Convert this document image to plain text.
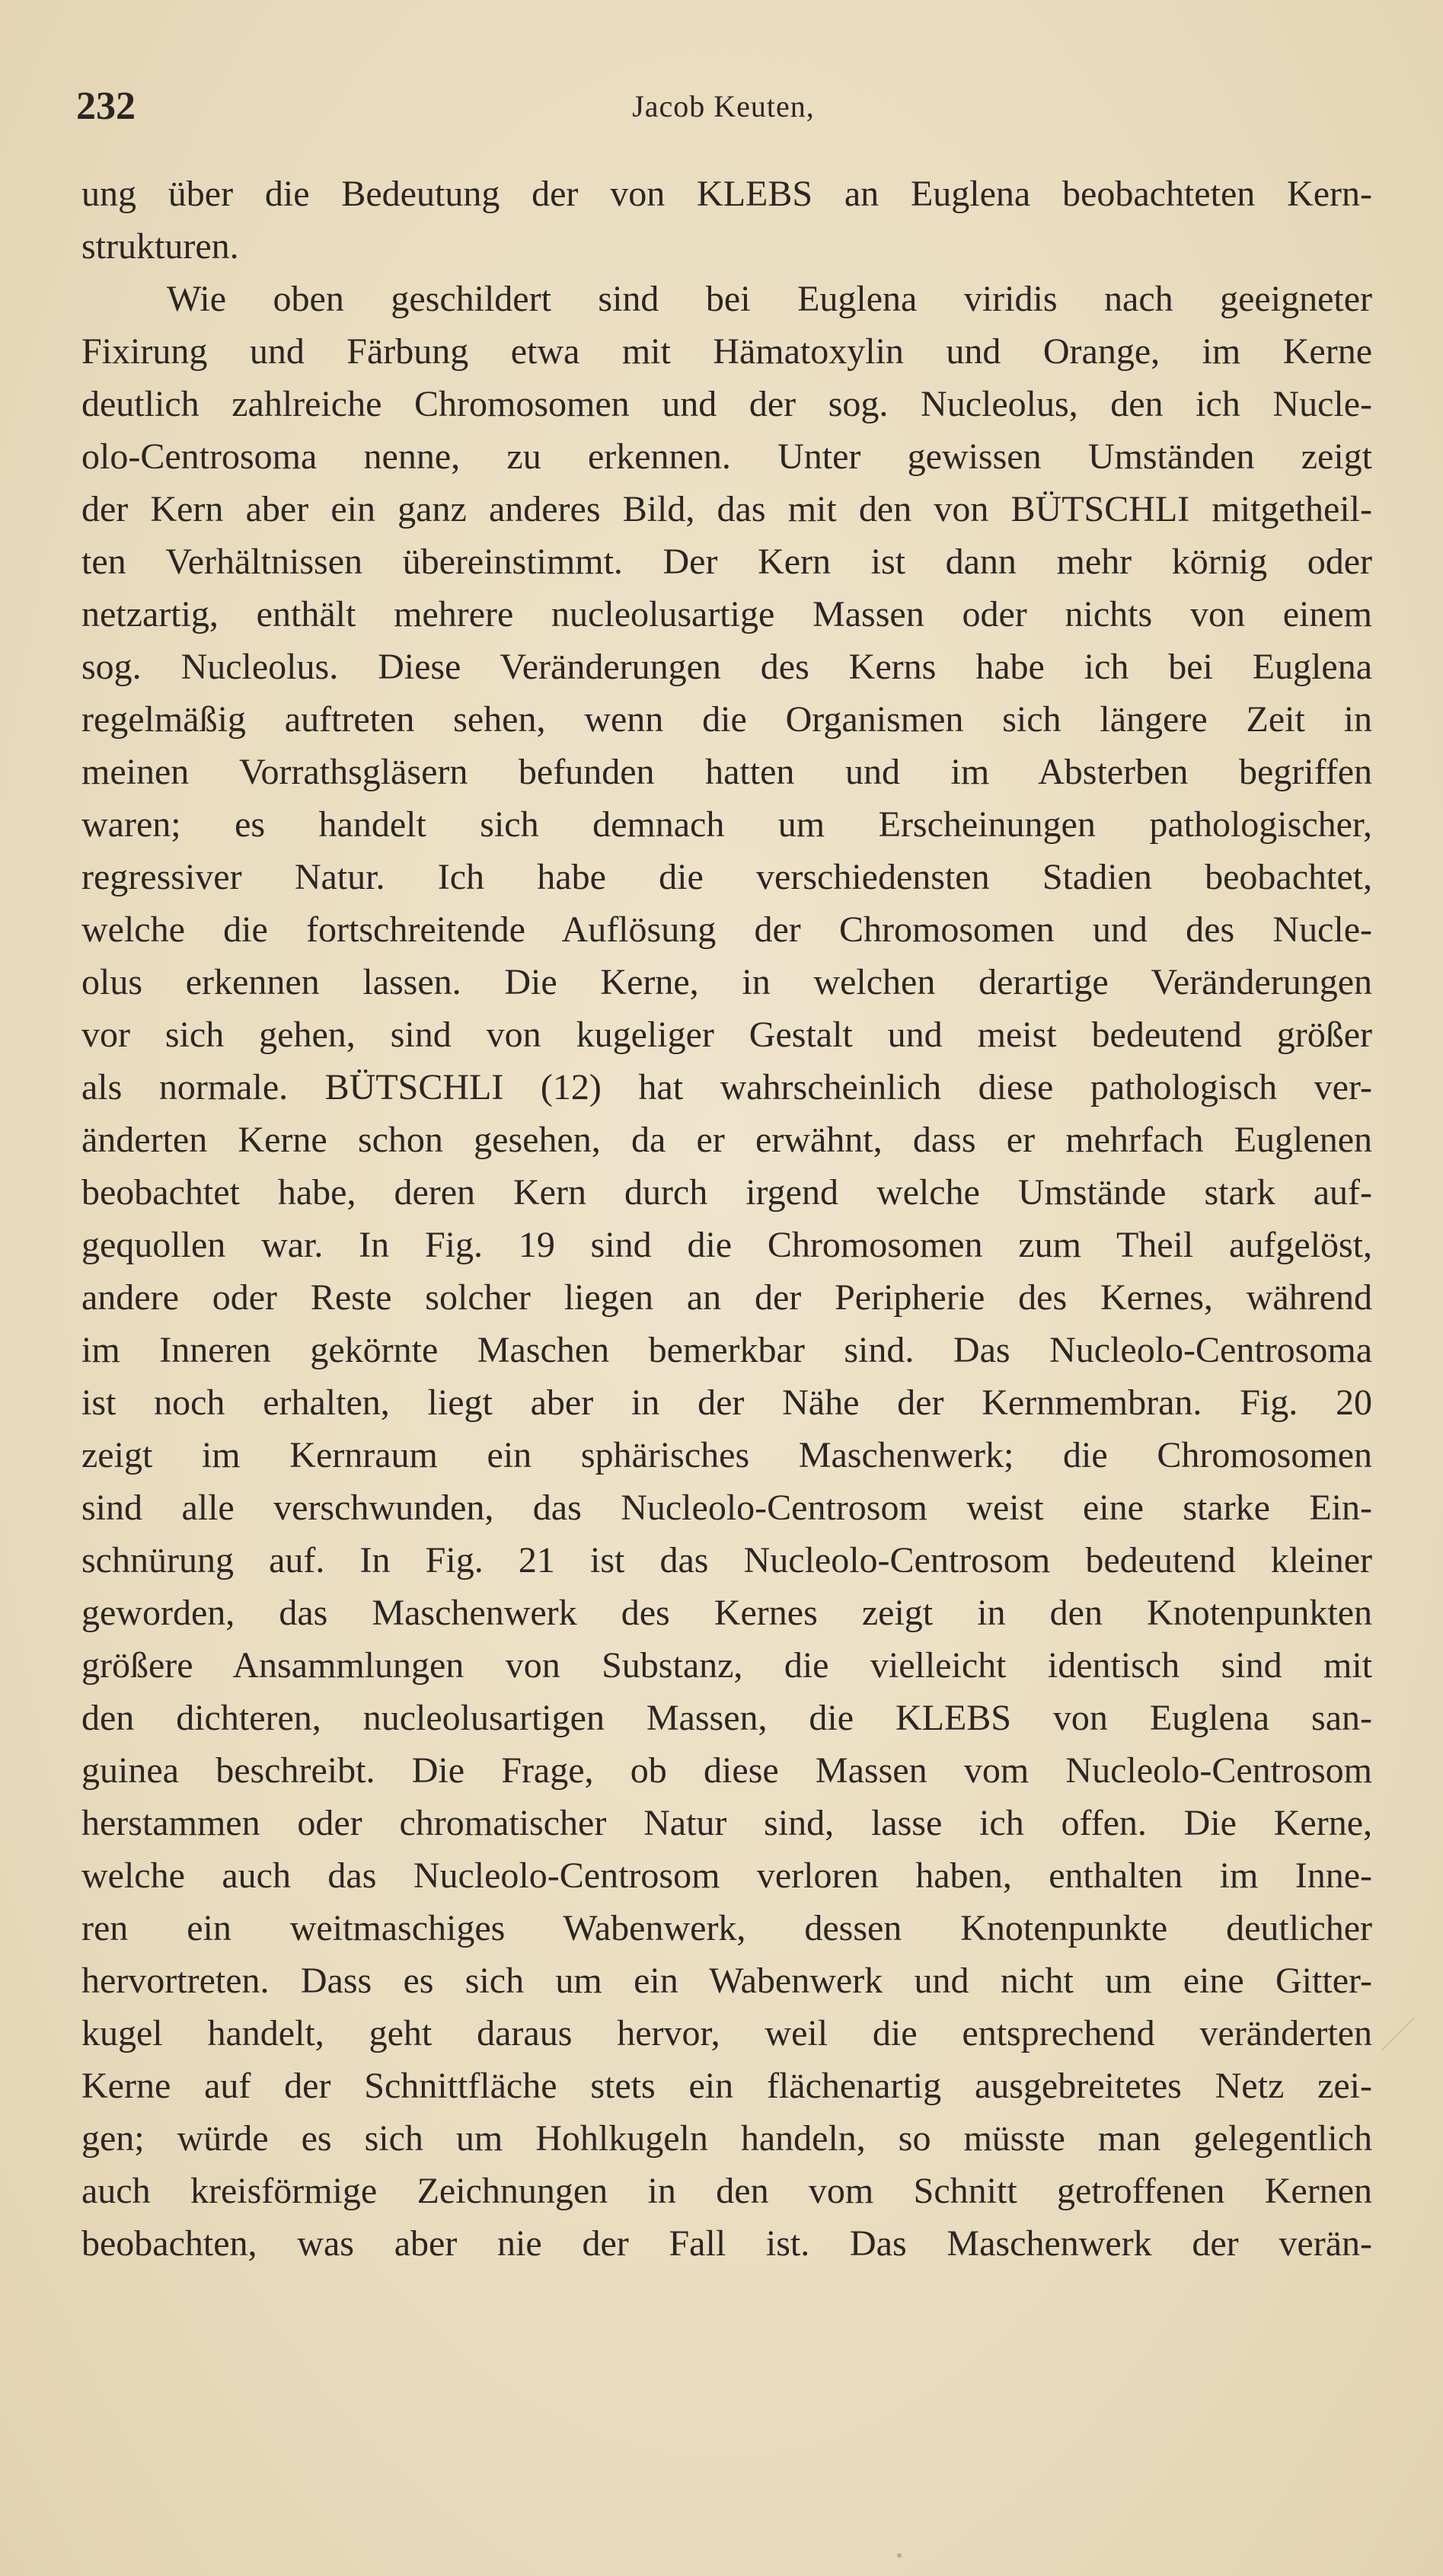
232	Jacob Keuten,
ung über die Bedeutung der von KLEBS an Euglena beobachteten Kern-
strukturen.
Wie oben geschildert sind bei Euglena viridis nach geeigneter
Fixirung und Färbung etwa mit Hämatoxylin und Orange, im Kerne
deutlich zahlreiche Chromosomen und der sog. Nucleolus, den ich Nucle-
olo-Centrosoma nenne, zu erkennen. Unter gewissen Umständen zeigt
der Kern aber ein ganz anderes Bild, das mit den von BÜTSCHLI mitgetheil-
ten Verhältnissen übereinstimmt. Der Kern ist dann mehr körnig oder
netzartig, enthält mehrere nucleolusartige Massen oder nichts von einem
sog. Nucleolus. Diese Veränderungen des Kerns habe ich bei Euglena
regelmäßig auftreten sehen, wenn die Organismen sich längere Zeit in
meinen Vorrathsgläsern befunden hatten und im Absterben begriffen
waren; es handelt sich demnach um Erscheinungen pathologischer,
regressiver Natur. Ich habe die verschiedensten Stadien beobachtet,
welche die fortschreitende Auflösung der Chromosomen und des Nucle-
olus erkennen lassen. Die Kerne, in welchen derartige Veränderungen
vor sich gehen, sind von kugeliger Gestalt und meist bedeutend größer
als normale. BÜTSCHLI (12) hat wahrscheinlich diese pathologisch ver-
änderten Kerne schon gesehen, da er erwähnt, dass er mehrfach Euglenen
beobachtet habe, deren Kern durch irgend welche Umstände stark auf-
gequollen war. In Fig. 19 sind die Chromosomen zum Theil aufgelöst,
andere oder Reste solcher liegen an der Peripherie des Kernes, während
im Inneren gekörnte Maschen bemerkbar sind. Das Nucleolo-Centrosoma
ist noch erhalten, liegt aber in der Nähe der Kernmembran. Fig. 20
zeigt im Kernraum ein sphärisches Maschenwerk; die Chromosomen
sind alle verschwunden, das Nucleolo-Centrosom weist eine starke Ein-
schnürung auf. In Fig. 21 ist das Nucleolo-Centrosom bedeutend kleiner
geworden, das Maschenwerk des Kernes zeigt in den Knotenpunkten
größere Ansammlungen von Substanz, die vielleicht identisch sind mit
den dichteren, nucleolusartigen Massen, die KLEBS von Euglena san-
guinea beschreibt. Die Frage, ob diese Massen vom Nucleolo-Centrosom
herstammen oder chromatischer Natur sind, lasse ich offen. Die Kerne,
welche auch das Nucleolo-Centrosom verloren haben, enthalten im Inne-
ren ein weitmaschiges Wabenwerk, dessen Knotenpunkte deutlicher
hervortreten. Dass es sich um ein Wabenwerk und nicht um eine Gitter-
kugel handelt, geht daraus hervor, weil die entsprechend veränderten
Kerne auf der Schnittfläche stets ein flächenartig ausgebreitetes Netz zei-
gen; würde es sich um Hohlkugeln handeln, so müsste man gelegentlich
auch kreisförmige Zeichnungen in den vom Schnitt getroffenen Kernen
beobachten, was aber nie der Fall ist. Das Maschenwerk der verän-
